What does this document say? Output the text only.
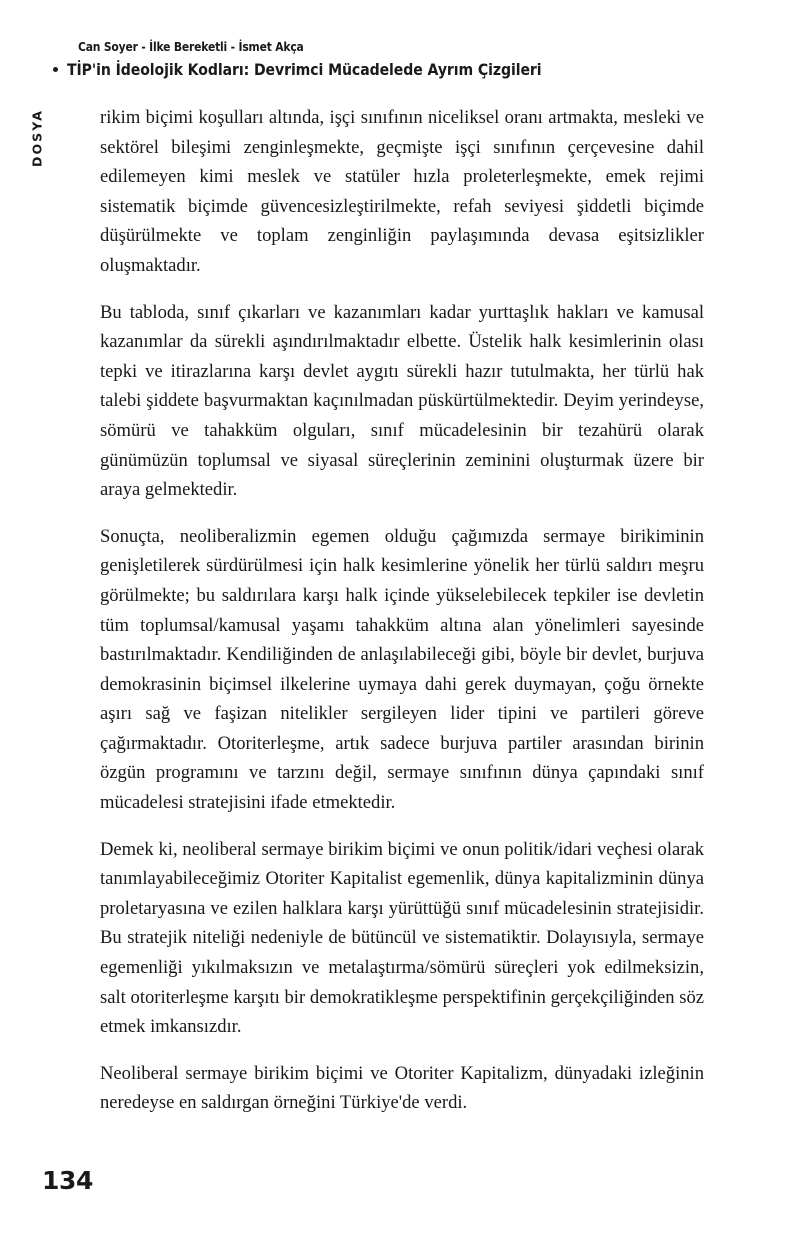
Can Soyer - İlke Bereketli - İsmet Akça
TİP'in İdeolojik Kodları: Devrimci Mücadelede Ayrım Çizgileri
DOSYA	rikim biçimi koşulları altında, işçi sınıfının niceliksel oranı artmakta, mesleki ve sektörel bileşimi zenginleşmekte, geçmişte işçi sınıfının çerçevesine dahil edilemeyen kimi meslek ve statüler hızla proleterleşmekte, emek rejimi sistematik biçimde güvencesizleştirilmekte, refah seviyesi şiddetli biçimde düşürülmekte ve toplam zenginliğin paylaşımında devasa eşitsizlikler oluşmaktadır.

Bu tabloda, sınıf çıkarları ve kazanımları kadar yurttaşlık hakları ve kamusal kazanımlar da sürekli aşındırılmaktadır elbette. Üstelik halk kesimlerinin olası tepki ve itirazlarına karşı devlet aygıtı sürekli hazır tutulmakta, her türlü hak talebi şiddete başvurmaktan kaçınılmadan püskürtülmektedir. Deyim yerindeyse, sömürü ve tahakküm olguları, sınıf mücadelesinin bir tezahürü olarak günümüzün toplumsal ve siyasal süreçlerinin zeminini oluşturmak üzere bir araya gelmektedir.

Sonuçta, neoliberalizmin egemen olduğu çağımızda sermaye birikiminin genişletilerek sürdürülmesi için halk kesimlerine yönelik her türlü saldırı meşru görülmekte; bu saldırılara karşı halk içinde yükselebilecek tepkiler ise devletin tüm toplumsal/kamusal yaşamı tahakküm altına alan yönelimleri sayesinde bastırılmaktadır. Kendiliğinden de anlaşılabileceği gibi, böyle bir devlet, burjuva demokrasinin biçimsel ilkelerine uymaya dahi gerek duymayan, çoğu örnekte aşırı sağ ve faşizan nitelikler sergileyen lider tipini ve partileri göreve çağırmaktadır. Otoriterleşme, artık sadece burjuva partiler arasından birinin özgün programını ve tarzını değil, sermaye sınıfının dünya çapındaki sınıf mücadelesi stratejisini ifade etmektedir.

Demek ki, neoliberal sermaye birikim biçimi ve onun politik/idari veçhesi olarak tanımlayabileceğimiz Otoriter Kapitalist egemenlik, dünya kapitalizminin dünya proletaryasına ve ezilen halklara karşı yürüttüğü sınıf mücadelesinin stratejisidir. Bu stratejik niteliği nedeniyle de bütüncül ve sistematiktir. Dolayısıyla, sermaye egemenliği yıkılmaksızın ve metalaştırma/sömürü süreçleri yok edilmeksizin, salt otoriterleşme karşıtı bir demokratikleşme perspektifinin gerçekçiliğinden söz etmek imkansızdır.

Neoliberal sermaye birikim biçimi ve Otoriter Kapitalizm, dünyadaki izleğinin neredeyse en saldırgan örneğini Türkiye'de verdi.

134
